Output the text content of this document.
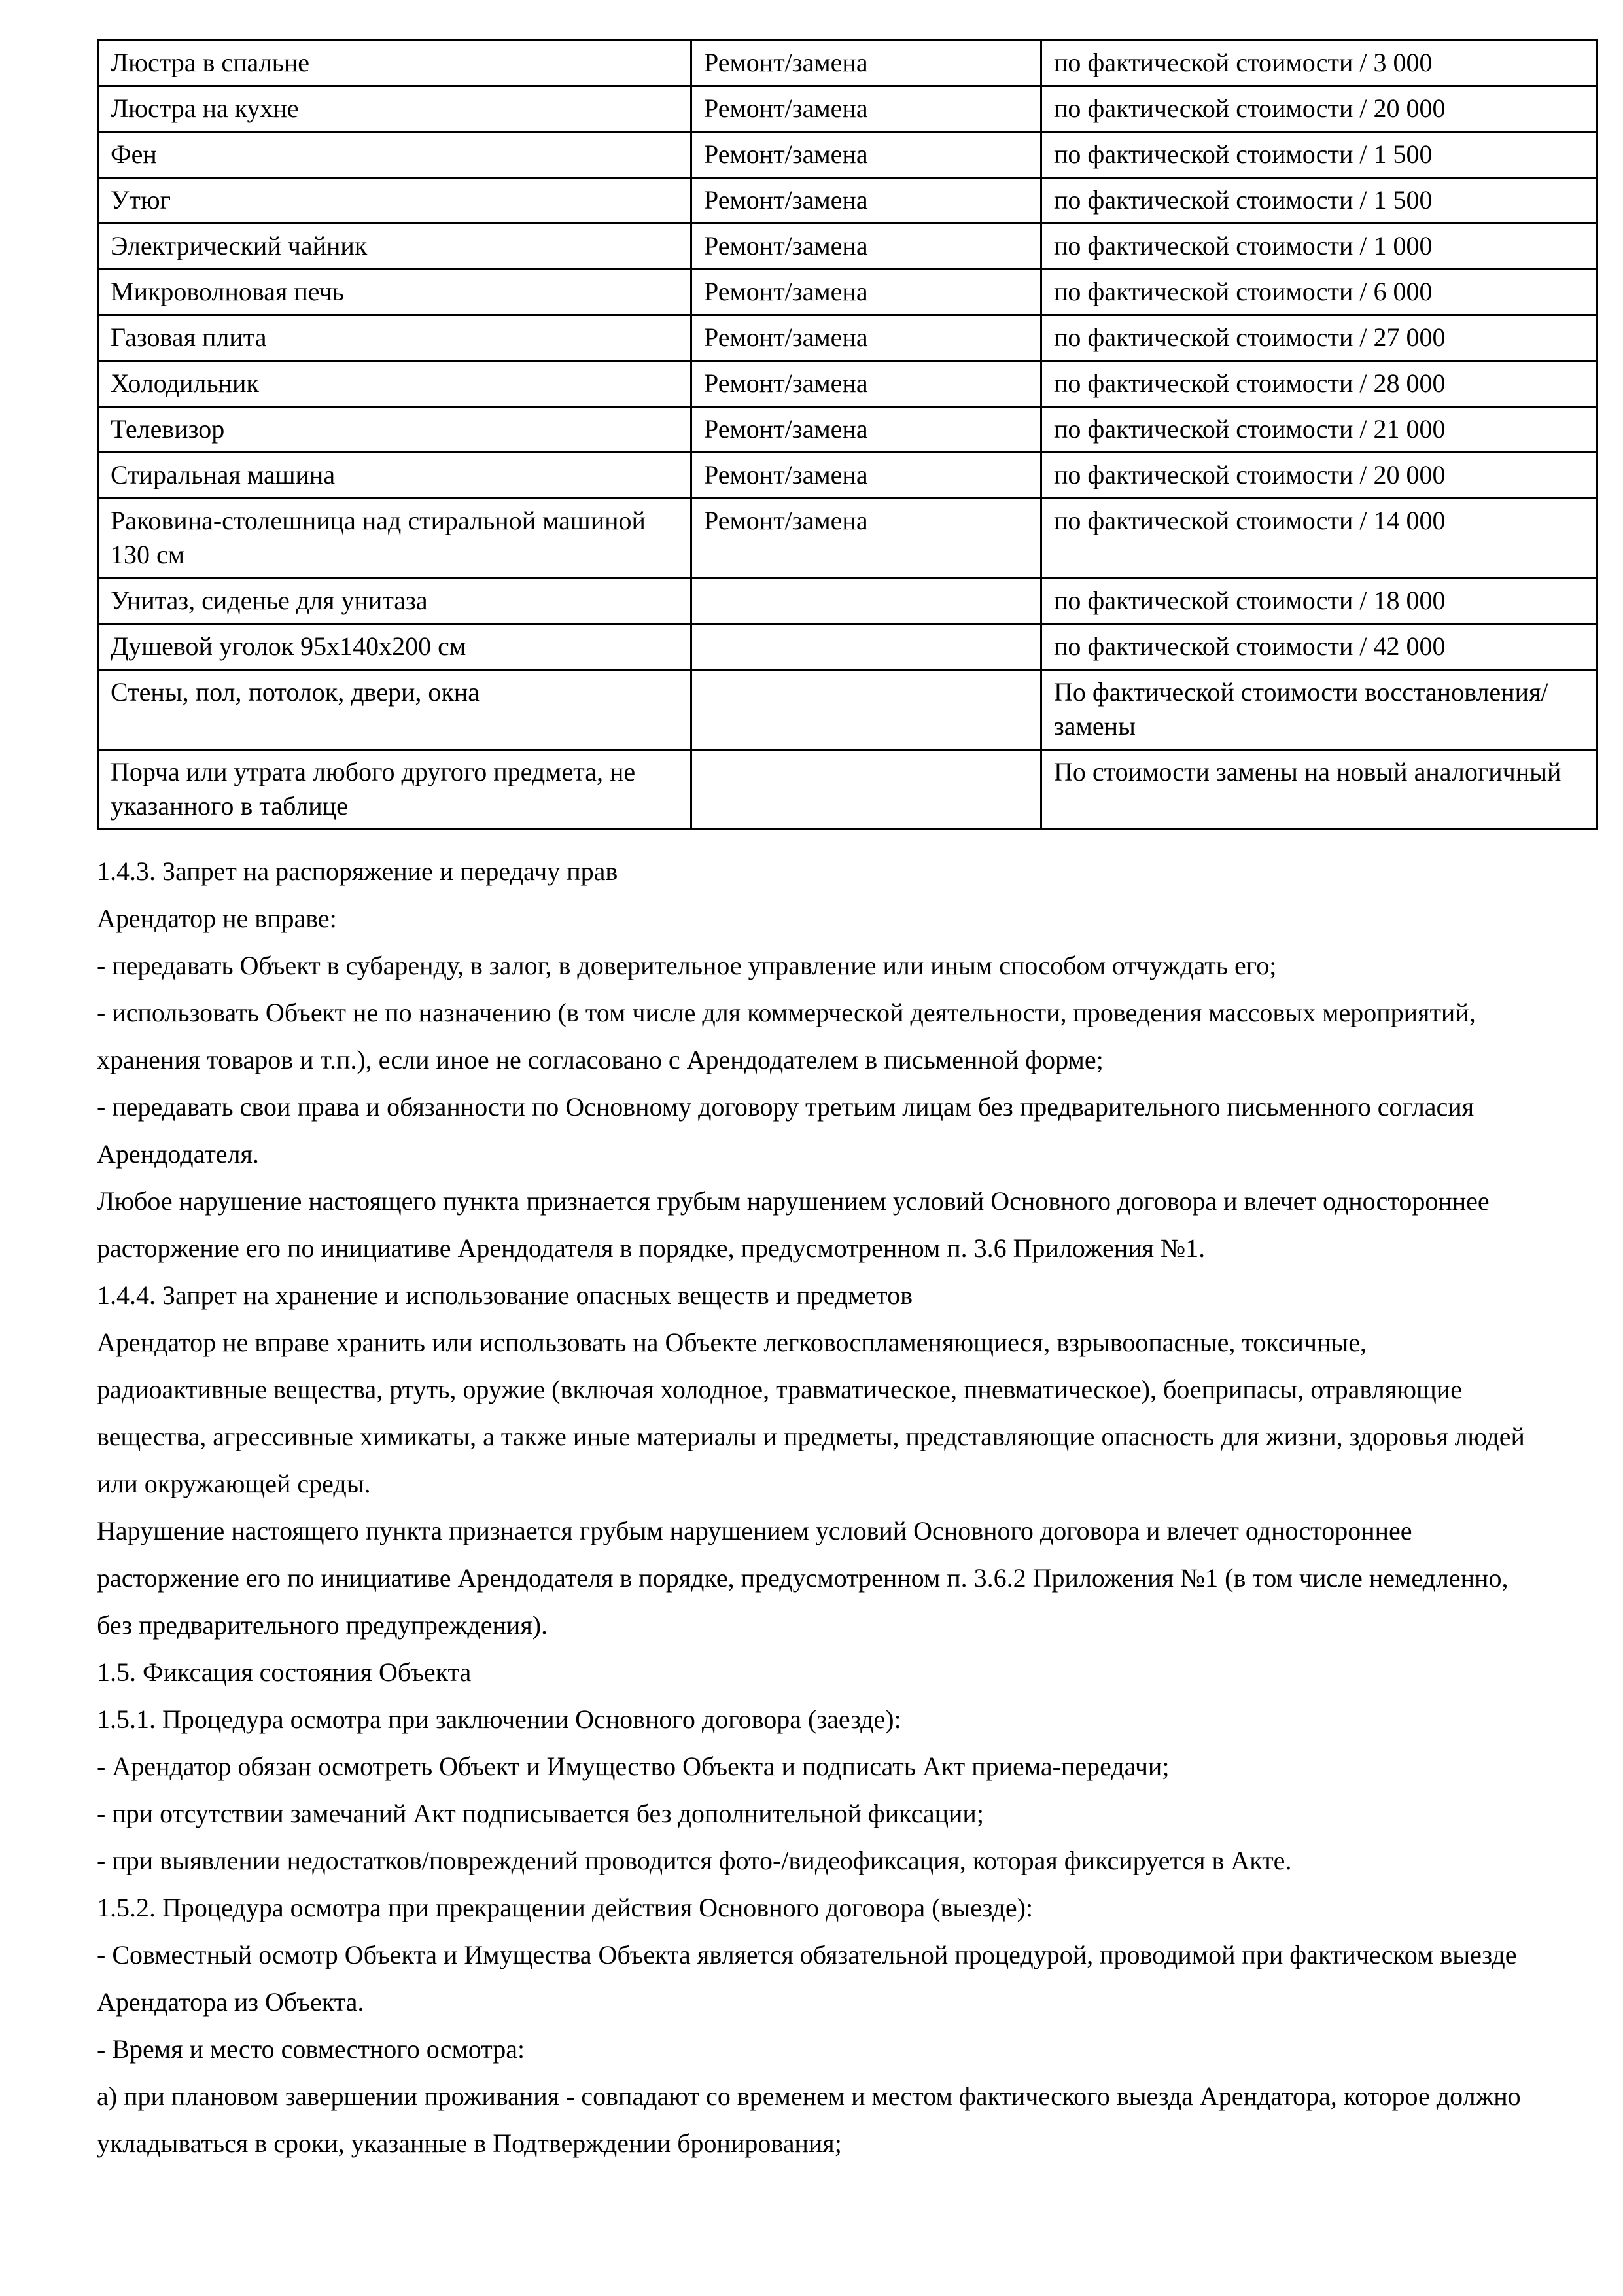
Люстра в спальне	Ремонт/замена	по фактической стоимости / 3 000
Люстра на кухне	Ремонт/замена	по фактической стоимости / 20 000
Фен	Ремонт/замена	по фактической стоимости / 1 500
Утюг	Ремонт/замена	по фактической стоимости / 1 500
Электрический чайник	Ремонт/замена	по фактической стоимости / 1 000
Микроволновая печь	Ремонт/замена	по фактической стоимости / 6 000
Газовая плита	Ремонт/замена	по фактической стоимости / 27 000
Холодильник	Ремонт/замена	по фактической стоимости / 28 000
Телевизор	Ремонт/замена	по фактической стоимости / 21 000
Стиральная машина	Ремонт/замена	по фактической стоимости / 20 000
Раковина-столешница над стиральной машиной 130 см	Ремонт/замена	по фактической стоимости / 14 000
Унитаз, сиденье для унитаза		по фактической стоимости / 18 000
Душевой уголок 95х140х200 см		по фактической стоимости / 42 000
Стены, пол, потолок, двери, окна		По фактической стоимости восстановления/замены
Порча или утрата любого другого предмета, не указанного в таблице		По стоимости замены на новый аналогичный

1.4.3. Запрет на распоряжение и передачу прав

Арендатор не вправе:

- передавать Объект в субаренду, в залог, в доверительное управление или иным способом отчуждать его;

- использовать Объект не по назначению (в том числе для коммерческой деятельности, проведения массовых мероприятий, хранения товаров и т.п.), если иное не согласовано с Арендодателем в письменной форме;

- передавать свои права и обязанности по Основному договору третьим лицам без предварительного письменного согласия Арендодателя.

Любое нарушение настоящего пункта признается грубым нарушением условий Основного договора и влечет одностороннее расторжение его по инициативе Арендодателя в порядке, предусмотренном п. 3.6 Приложения №1.

1.4.4. Запрет на хранение и использование опасных веществ и предметов

Арендатор не вправе хранить или использовать на Объекте легковоспламеняющиеся, взрывоопасные, токсичные, радиоактивные вещества, ртуть, оружие (включая холодное, травматическое, пневматическое), боеприпасы, отравляющие вещества, агрессивные химикаты, а также иные материалы и предметы, представляющие опасность для жизни, здоровья людей или окружающей среды.

Нарушение настоящего пункта признается грубым нарушением условий Основного договора и влечет одностороннее расторжение его по инициативе Арендодателя в порядке, предусмотренном п. 3.6.2 Приложения №1 (в том числе немедленно, без предварительного предупреждения).

1.5. Фиксация состояния Объекта

1.5.1. Процедура осмотра при заключении Основного договора (заезде):

- Арендатор обязан осмотреть Объект и Имущество Объекта и подписать Акт приема-передачи;

- при отсутствии замечаний Акт подписывается без дополнительной фиксации;

- при выявлении недостатков/повреждений проводится фото-/видеофиксация, которая фиксируется в Акте.

1.5.2. Процедура осмотра при прекращении действия Основного договора (выезде):

- Совместный осмотр Объекта и Имущества Объекта является обязательной процедурой, проводимой при фактическом выезде Арендатора из Объекта.

- Время и место совместного осмотра:

a) при плановом завершении проживания - совпадают со временем и местом фактического выезда Арендатора, которое должно укладываться в сроки, указанные в Подтверждении бронирования;
